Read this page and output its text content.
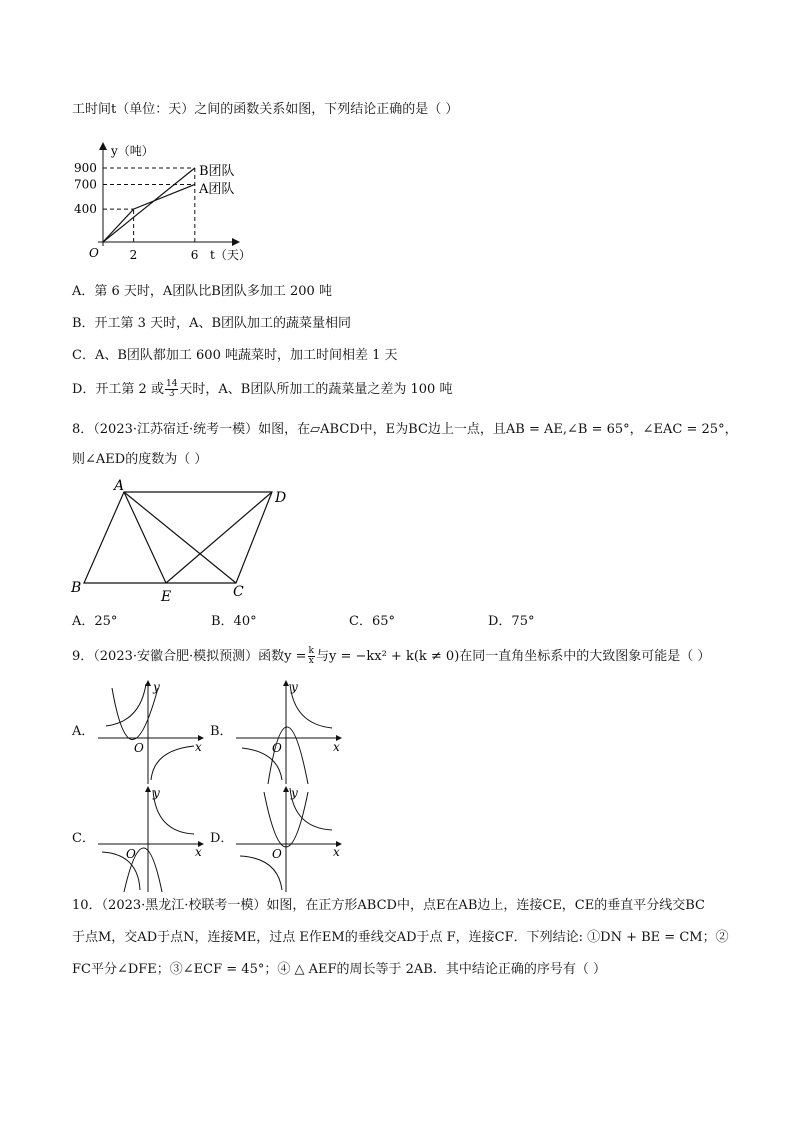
工时间t（单位：天）之间的函数关系如图，下列结论正确的是（ ）
y（吨）
t（天）
O
900
700
400
2	6
B团队
A团队
A．第 6 天时，A团队比B团队多加工 200 吨
B．开工第 3 天时，A、B团队加工的蔬菜量相同
C．A、B团队都加工 600 吨蔬菜时，加工时间相差 1 天
D．开工第 2 或 $\frac{14}{3}$ 天时，A、B团队所加工的蔬菜量之差为 100 吨
8．（2023·江苏宿迁·统考一模）如图，在▱ABCD中，E为BC边上一点，且AB = AE,∠B = 65°，∠EAC = 25°，
则∠AED的度数为（ ）
A
D
B
E	C
A．25°	B．40°	C．65°	D．75°
9．（2023·安徽合肥·模拟预测）函数$y = \frac{k}{x}$ 与y = −kx² + k(k ≠ 0)在同一直角坐标系中的大致图象可能是（ ）
A．	B．
C．	D．
y
x
O
y
x
O
y
x
O
y
x
O
10．（2023·黑龙江·校联考一模）如图，在正方形ABCD中，点E在AB边上，连接CE，CE的垂直平分线交BC
于点M，交AD于点N，连接ME，过点 E作EM的垂线交AD于点 F，连接CF．下列结论: ①DN + BE = CM；②
FC平分∠DFE；③∠ECF = 45°；④ △ AEF的周长等于 2AB．其中结论正确的序号有（ ）
